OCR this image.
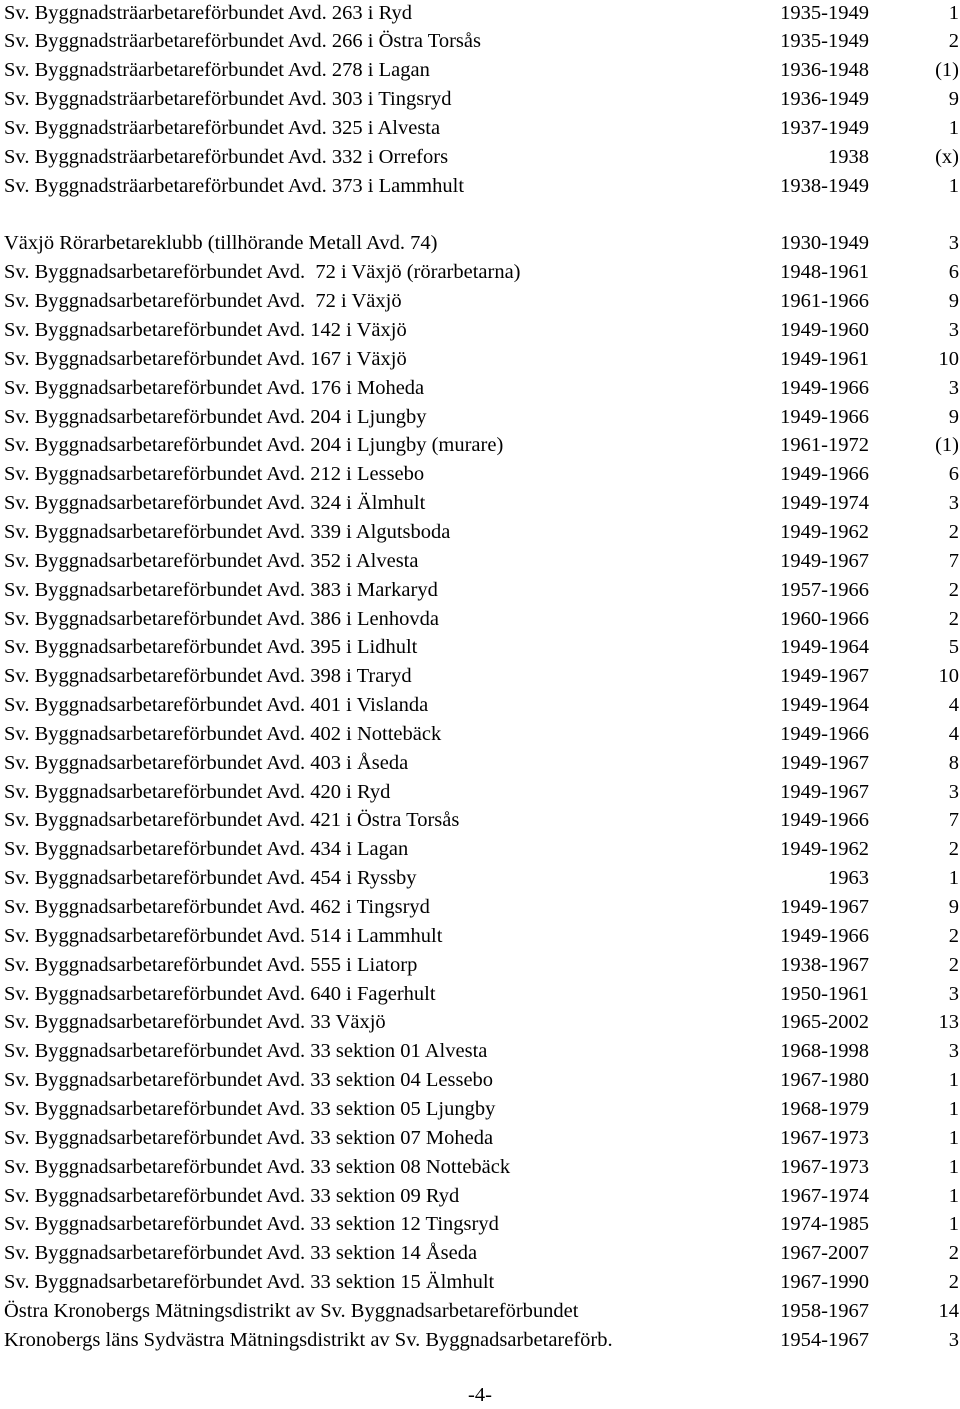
Sv. Byggnadsträarbetareförbundet Avd. 263 i Ryd	1935-1949	1
Sv. Byggnadsträarbetareförbundet Avd. 266 i Östra Torsås	1935-1949	2
Sv. Byggnadsträarbetareförbundet Avd. 278 i Lagan	1936-1948	(1)
Sv. Byggnadsträarbetareförbundet Avd. 303 i Tingsryd	1936-1949	9
Sv. Byggnadsträarbetareförbundet Avd. 325 i Alvesta	1937-1949	1
Sv. Byggnadsträarbetareförbundet Avd. 332 i Orrefors	1938	(x)
Sv. Byggnadsträarbetareförbundet Avd. 373 i Lammhult	1938-1949	1
Växjö Rörarbetareklubb (tillhörande Metall Avd. 74)	1930-1949	3
Sv. Byggnadsarbetareförbundet Avd.  72 i Växjö (rörarbetarna)	1948-1961	6
Sv. Byggnadsarbetareförbundet Avd.  72 i Växjö	1961-1966	9
Sv. Byggnadsarbetareförbundet Avd. 142 i Växjö	1949-1960	3
Sv. Byggnadsarbetareförbundet Avd. 167 i Växjö	1949-1961	10
Sv. Byggnadsarbetareförbundet Avd. 176 i Moheda	1949-1966	3
Sv. Byggnadsarbetareförbundet Avd. 204 i Ljungby	1949-1966	9
Sv. Byggnadsarbetareförbundet Avd. 204 i Ljungby (murare)	1961-1972	(1)
Sv. Byggnadsarbetareförbundet Avd. 212 i Lessebo	1949-1966	6
Sv. Byggnadsarbetareförbundet Avd. 324 i Älmhult	1949-1974	3
Sv. Byggnadsarbetareförbundet Avd. 339 i Algutsboda	1949-1962	2
Sv. Byggnadsarbetareförbundet Avd. 352 i Alvesta	1949-1967	7
Sv. Byggnadsarbetareförbundet Avd. 383 i Markaryd	1957-1966	2
Sv. Byggnadsarbetareförbundet Avd. 386 i Lenhovda	1960-1966	2
Sv. Byggnadsarbetareförbundet Avd. 395 i Lidhult	1949-1964	5
Sv. Byggnadsarbetareförbundet Avd. 398 i Traryd	1949-1967	10
Sv. Byggnadsarbetareförbundet Avd. 401 i Vislanda	1949-1964	4
Sv. Byggnadsarbetareförbundet Avd. 402 i Nottebäck	1949-1966	4
Sv. Byggnadsarbetareförbundet Avd. 403 i Åseda	1949-1967	8
Sv. Byggnadsarbetareförbundet Avd. 420 i Ryd	1949-1967	3
Sv. Byggnadsarbetareförbundet Avd. 421 i Östra Torsås	1949-1966	7
Sv. Byggnadsarbetareförbundet Avd. 434 i Lagan	1949-1962	2
Sv. Byggnadsarbetareförbundet Avd. 454 i Ryssby	1963	1
Sv. Byggnadsarbetareförbundet Avd. 462 i Tingsryd	1949-1967	9
Sv. Byggnadsarbetareförbundet Avd. 514 i Lammhult	1949-1966	2
Sv. Byggnadsarbetareförbundet Avd. 555 i Liatorp	1938-1967	2
Sv. Byggnadsarbetareförbundet Avd. 640 i Fagerhult	1950-1961	3
Sv. Byggnadsarbetareförbundet Avd. 33 Växjö	1965-2002	13
Sv. Byggnadsarbetareförbundet Avd. 33 sektion 01 Alvesta	1968-1998	3
Sv. Byggnadsarbetareförbundet Avd. 33 sektion 04 Lessebo	1967-1980	1
Sv. Byggnadsarbetareförbundet Avd. 33 sektion 05 Ljungby	1968-1979	1
Sv. Byggnadsarbetareförbundet Avd. 33 sektion 07 Moheda	1967-1973	1
Sv. Byggnadsarbetareförbundet Avd. 33 sektion 08 Nottebäck	1967-1973	1
Sv. Byggnadsarbetareförbundet Avd. 33 sektion 09 Ryd	1967-1974	1
Sv. Byggnadsarbetareförbundet Avd. 33 sektion 12 Tingsryd	1974-1985	1
Sv. Byggnadsarbetareförbundet Avd. 33 sektion 14 Åseda	1967-2007	2
Sv. Byggnadsarbetareförbundet Avd. 33 sektion 15 Älmhult	1967-1990	2
Östra Kronobergs Mätningsdistrikt av Sv. Byggnadsarbetareförbundet	1958-1967	14
Kronobergs läns Sydvästra Mätningsdistrikt av Sv. Byggnadsarbetareförb.	1954-1967	3
-4-
